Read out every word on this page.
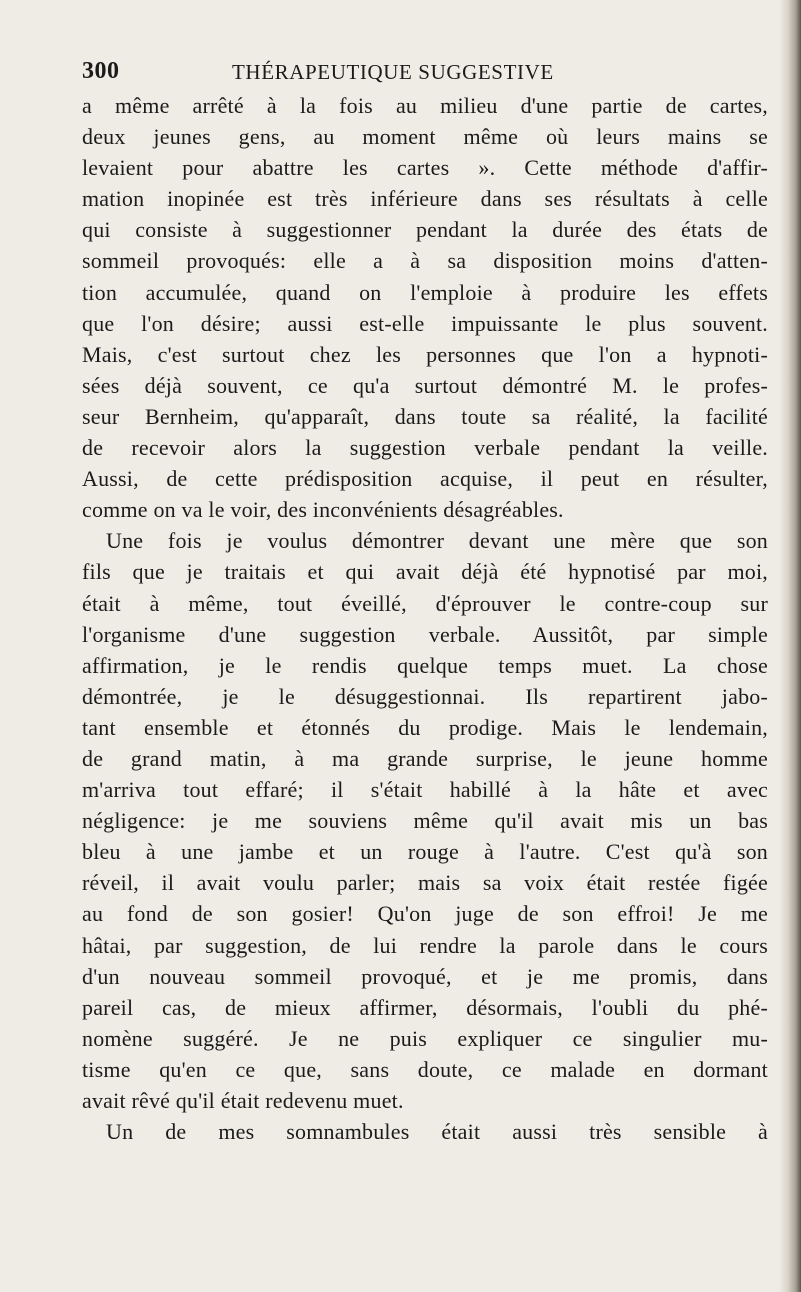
300	THÉRAPEUTIQUE SUGGESTIVE
a même arrêté à la fois au milieu d'une partie de cartes,
deux jeunes gens, au moment même où leurs mains se
levaient pour abattre les cartes ». Cette méthode d'affir-
mation inopinée est très inférieure dans ses résultats à celle
qui consiste à suggestionner pendant la durée des états de
sommeil provoqués: elle a à sa disposition moins d'atten-
tion accumulée, quand on l'emploie à produire les effets
que l'on désire; aussi est-elle impuissante le plus souvent.
Mais, c'est surtout chez les personnes que l'on a hypnoti-
sées déjà souvent, ce qu'a surtout démontré M. le profes-
seur Bernheim, qu'apparaît, dans toute sa réalité, la facilité
de recevoir alors la suggestion verbale pendant la veille.
Aussi, de cette prédisposition acquise, il peut en résulter,
comme on va le voir, des inconvénients désagréables.
Une fois je voulus démontrer devant une mère que son
fils que je traitais et qui avait déjà été hypnotisé par moi,
était à même, tout éveillé, d'éprouver le contre-coup sur
l'organisme d'une suggestion verbale. Aussitôt, par simple
affirmation, je le rendis quelque temps muet. La chose
démontrée, je le désuggestionnai. Ils repartirent jabo-
tant ensemble et étonnés du prodige. Mais le lendemain,
de grand matin, à ma grande surprise, le jeune homme
m'arriva tout effaré; il s'était habillé à la hâte et avec
négligence: je me souviens même qu'il avait mis un bas
bleu à une jambe et un rouge à l'autre. C'est qu'à son
réveil, il avait voulu parler; mais sa voix était restée figée
au fond de son gosier! Qu'on juge de son effroi! Je me
hâtai, par suggestion, de lui rendre la parole dans le cours
d'un nouveau sommeil provoqué, et je me promis, dans
pareil cas, de mieux affirmer, désormais, l'oubli du phé-
nomène suggéré. Je ne puis expliquer ce singulier mu-
tisme qu'en ce que, sans doute, ce malade en dormant
avait rêvé qu'il était redevenu muet.
Un de mes somnambules était aussi très sensible à
